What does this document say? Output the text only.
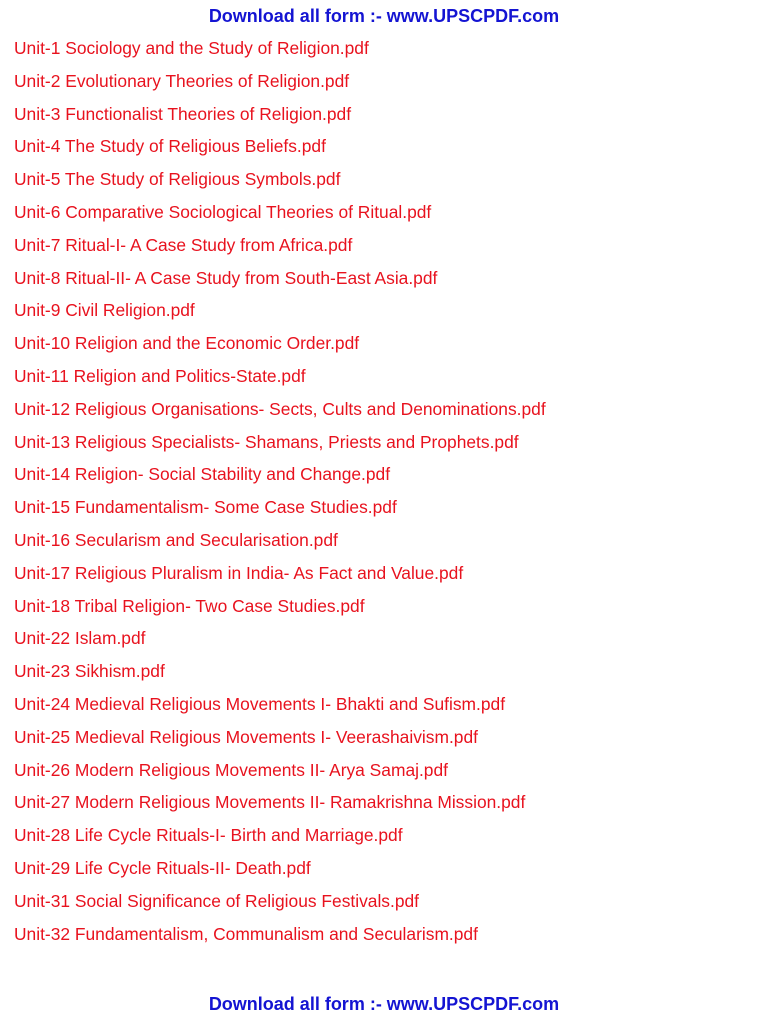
Download all form :- www.UPSCPDF.com
Unit-1 Sociology and the Study of Religion.pdf
Unit-2 Evolutionary Theories of Religion.pdf
Unit-3 Functionalist Theories of Religion.pdf
Unit-4 The Study of Religious Beliefs.pdf
Unit-5 The Study of Religious Symbols.pdf
Unit-6 Comparative Sociological Theories of Ritual.pdf
Unit-7 Ritual-I- A Case Study from Africa.pdf
Unit-8 Ritual-II- A Case Study from South-East Asia.pdf
Unit-9 Civil Religion.pdf
Unit-10 Religion and the Economic Order.pdf
Unit-11 Religion and Politics-State.pdf
Unit-12 Religious Organisations- Sects, Cults and Denominations.pdf
Unit-13 Religious Specialists- Shamans, Priests and Prophets.pdf
Unit-14 Religion- Social Stability and Change.pdf
Unit-15 Fundamentalism- Some Case Studies.pdf
Unit-16 Secularism and Secularisation.pdf
Unit-17 Religious Pluralism in India- As Fact and Value.pdf
Unit-18 Tribal Religion- Two Case Studies.pdf
Unit-22 Islam.pdf
Unit-23 Sikhism.pdf
Unit-24 Medieval Religious Movements I- Bhakti and Sufism.pdf
Unit-25 Medieval Religious Movements I- Veerashaivism.pdf
Unit-26 Modern Religious Movements II- Arya Samaj.pdf
Unit-27 Modern Religious Movements II- Ramakrishna Mission.pdf
Unit-28 Life Cycle Rituals-I- Birth and Marriage.pdf
Unit-29 Life Cycle Rituals-II- Death.pdf
Unit-31 Social Significance of Religious Festivals.pdf
Unit-32 Fundamentalism, Communalism and Secularism.pdf
Download all form :- www.UPSCPDF.com
